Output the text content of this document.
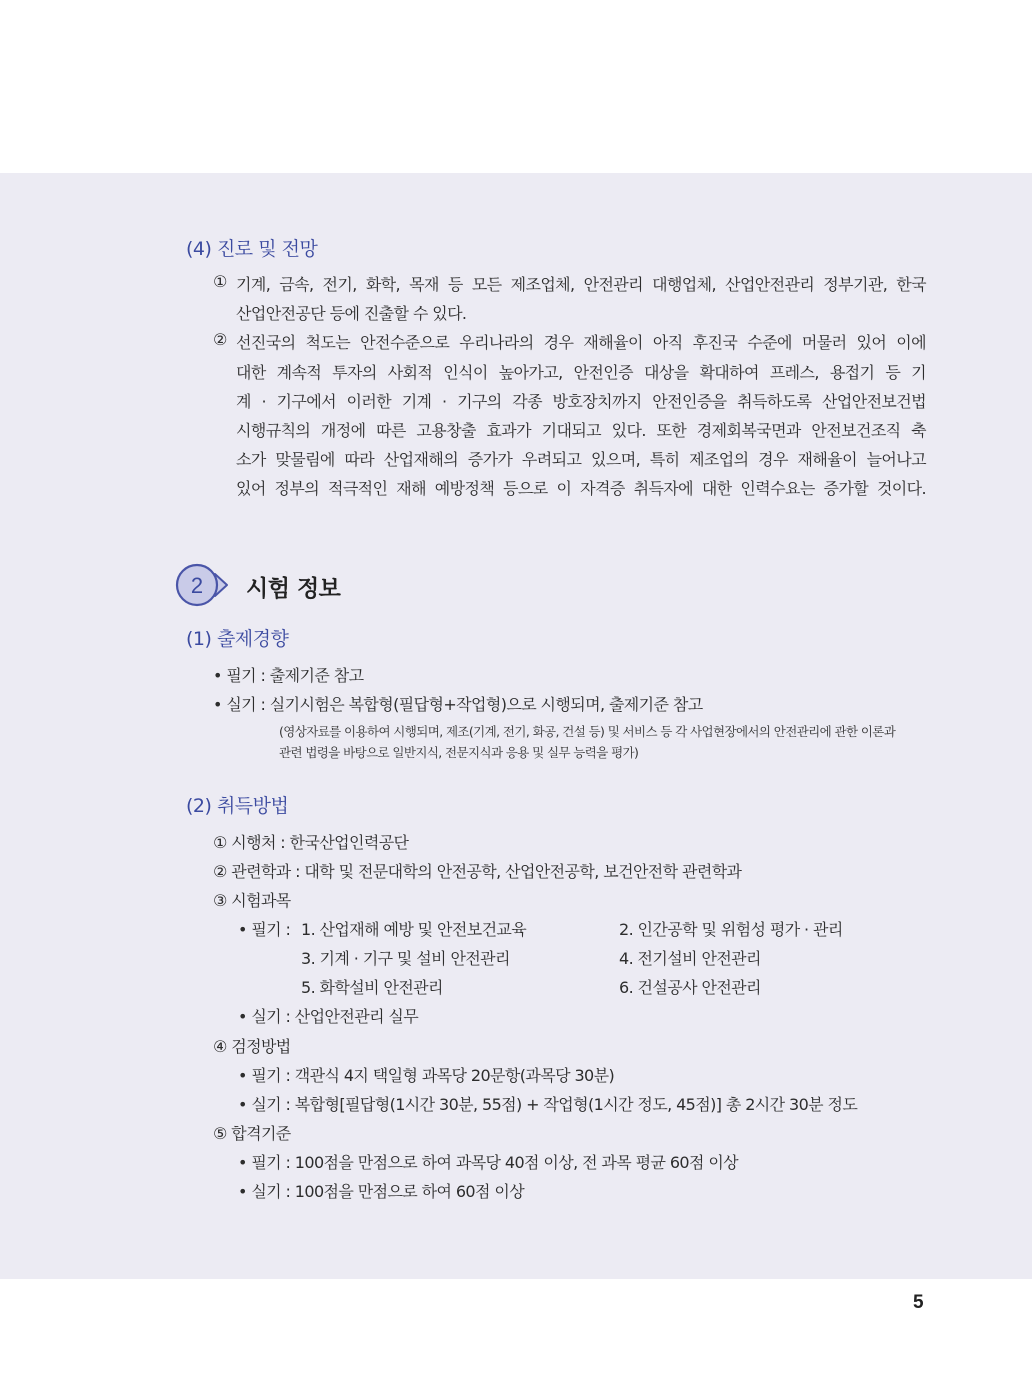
(4) 진로 및 전망
① 기계, 금속, 전기, 화학, 목재 등 모든 제조업체, 안전관리 대행업체, 산업안전관리 정부기관, 한국
산업안전공단 등에 진출할 수 있다.
② 선진국의 척도는 안전수준으로 우리나라의 경우 재해율이 아직 후진국 수준에 머물러 있어 이에
대한 계속적 투자의 사회적 인식이 높아가고, 안전인증 대상을 확대하여 프레스, 용접기 등 기
계 · 기구에서 이러한 기계 · 기구의 각종 방호장치까지 안전인증을 취득하도록 산업안전보건법
시행규칙의 개정에 따른 고용창출 효과가 기대되고 있다. 또한 경제회복국면과 안전보건조직 축
소가 맞물림에 따라 산업재해의 증가가 우려되고 있으며, 특히 제조업의 경우 재해율이 늘어나고
있어 정부의 적극적인 재해 예방정책 등으로 이 자격증 취득자에 대한 인력수요는 증가할 것이다.
2 시험 정보
(1) 출제경향
• 필기 : 출제기준 참고
• 실기 : 실기시험은 복합형(필답형+작업형)으로 시행되며, 출제기준 참고
(영상자료를 이용하여 시행되며, 제조(기계, 전기, 화공, 건설 등) 및 서비스 등 각 사업현장에서의 안전관리에 관한 이론과
관련 법령을 바탕으로 일반지식, 전문지식과 응용 및 실무 능력을 평가)
(2) 취득방법
① 시행처 : 한국산업인력공단
② 관련학과 : 대학 및 전문대학의 안전공학, 산업안전공학, 보건안전학 관련학과
③ 시험과목
• 필기 : 1. 산업재해 예방 및 안전보건교육	2. 인간공학 및 위험성 평가 · 관리
3. 기계 · 기구 및 설비 안전관리	4. 전기설비 안전관리
5. 화학설비 안전관리	6. 건설공사 안전관리
• 실기 : 산업안전관리 실무
④ 검정방법
• 필기 : 객관식 4지 택일형 과목당 20문항(과목당 30분)
• 실기 : 복합형[필답형(1시간 30분, 55점) + 작업형(1시간 정도, 45점)] 총 2시간 30분 정도
⑤ 합격기준
• 필기 : 100점을 만점으로 하여 과목당 40점 이상, 전 과목 평균 60점 이상
• 실기 : 100점을 만점으로 하여 60점 이상
5
